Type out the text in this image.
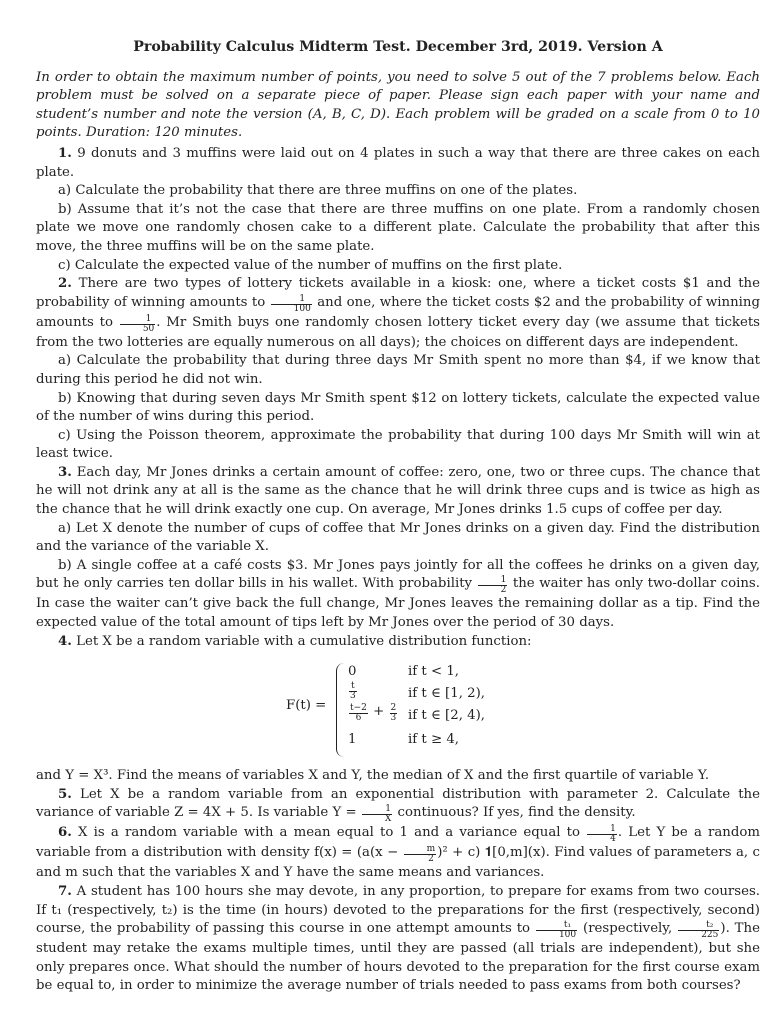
Probability Calculus Midterm Test. December 3rd, 2019. Version A

In order to obtain the maximum number of points, you need to solve 5 out of the 7 problems below. Each problem must be solved on a separate piece of paper. Please sign each paper with your name and student’s number and note the version (A, B, C, D). Each problem will be graded on a scale from 0 to 10 points. Duration: 120 minutes.

1. 9 donuts and 3 muffins were laid out on 4 plates in such a way that there are three cakes on each plate.

a) Calculate the probability that there are three muffins on one of the plates.

b) Assume that it’s not the case that there are three muffins on one plate. From a randomly chosen plate we move one randomly chosen cake to a different plate. Calculate the probability that after this move, the three muffins will be on the same plate.

c) Calculate the expected value of the number of muffins on the first plate.

2. There are two types of lottery tickets available in a kiosk: one, where a ticket costs $1 and the probability of winning amounts to $\frac{1}{100}$ and one, where the ticket costs $2 and the probability of winning amounts to $\frac{1}{50}$ . Mr Smith buys one randomly chosen lottery ticket every day (we assume that tickets from the two lotteries are equally numerous on all days); the choices on different days are independent.

a) Calculate the probability that during three days Mr Smith spent no more than $4, if we know that during this period he did not win.

b) Knowing that during seven days Mr Smith spent $12 on lottery tickets, calculate the expected value of the number of wins during this period.

c) Using the Poisson theorem, approximate the probability that during 100 days Mr Smith will win at least twice.

3. Each day, Mr Jones drinks a certain amount of coffee: zero, one, two or three cups. The chance that he will not drink any at all is the same as the chance that he will drink three cups and is twice as high as the chance that he will drink exactly one cup. On average, Mr Jones drinks 1.5 cups of coffee per day.

a) Let X denote the number of cups of coffee that Mr Jones drinks on a given day. Find the distribution and the variance of the variable X.

b) A single coffee at a café costs $3. Mr Jones pays jointly for all the coffees he drinks on a given day, but he only carries ten dollar bills in his wallet. With probability $\frac{1}{2}$ the waiter has only two-dollar coins. In case the waiter can’t give back the full change, Mr Jones leaves the remaining dollar as a tip. Find the expected value of the total amount of tips left by Mr Jones over the period of 30 days.

4. Let X be a random variable with a cumulative distribution function:

F(t) =
0	if t < 1,
$\frac{t}{3}$	if t ∈ [1, 2),
$\frac{t-2}{6} + \frac{2}{3}$ if t ∈ [2, 4),
1	if t ≥ 4,

and Y = X³. Find the means of variables X and Y, the median of X and the first quartile of variable Y.

5. Let X be a random variable from an exponential distribution with parameter 2. Calculate the variance of variable Z = 4X + 5. Is variable $Y = \frac{1}{X}$ continuous? If yes, find the density.

6. X is a random variable with a mean equal to 1 and a variance equal to $\frac{1}{4}$ . Let Y be a random variable from a distribution with density $f(x) = (a(x - \frac{m}{2} )^2 + c)$ 𝟏[0,m](x). Find values of parameters a, c and m such that the variables X and Y have the same means and variances.

7. A student has 100 hours she may devote, in any proportion, to prepare for exams from two courses. If t₁ (respectively, t₂) is the time (in hours) devoted to the preparations for the first (respectively, second) course, the probability of passing this course in one attempt amounts to $\frac{\text{t₁}}{100}$ (respectively, $\frac{\text{t₂}}{225}$ ). The student may retake the exams multiple times, until they are passed (all trials are independent), but she only prepares once. What should the number of hours devoted to the preparation for the first course exam be equal to, in order to minimize the average number of trials needed to pass exams from both courses?
